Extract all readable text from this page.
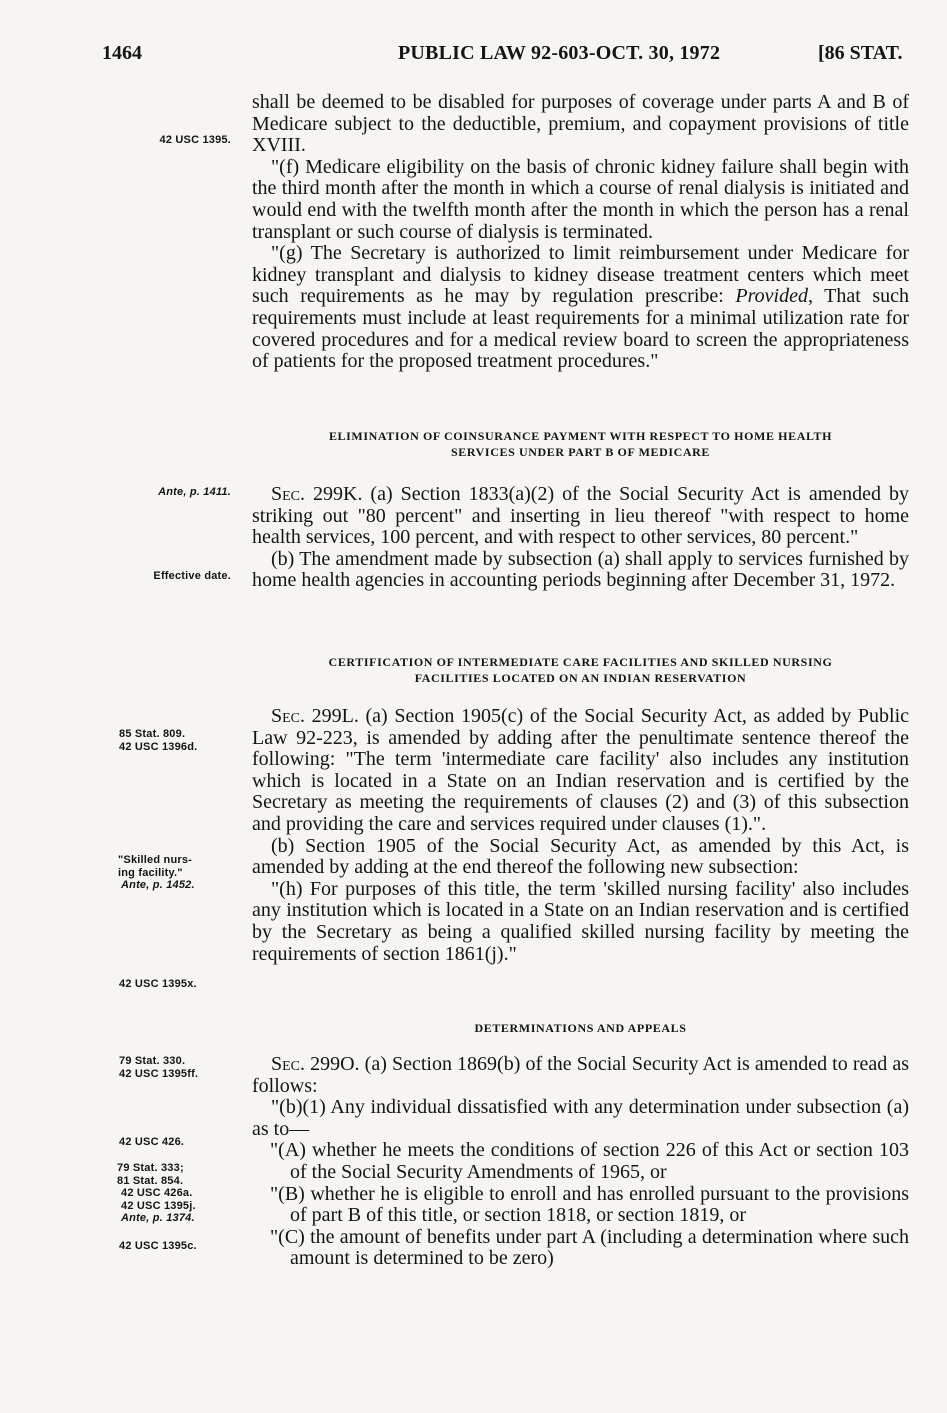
1464	PUBLIC LAW 92-603-OCT. 30, 1972	[86 STAT.
42 USC 1395.
Ante, p. 1411.
Effective date.
85 Stat. 809.
42 USC 1396d.
"Skilled nurs-
ing facility."
Ante, p. 1452.
42 USC 1395x.
79 Stat. 330.
42 USC 1395ff.
42 USC 426.
79 Stat. 333;
81 Stat. 854.
42 USC 426a.
42 USC 1395j.
Ante, p. 1374.
42 USC 1395c.

shall be deemed to be disabled for purposes of coverage under parts A and B of Medicare subject to the deductible, premium, and copayment provisions of title XVIII.

"(f) Medicare eligibility on the basis of chronic kidney failure shall begin with the third month after the month in which a course of renal dialysis is initiated and would end with the twelfth month after the month in which the person has a renal transplant or such course of dialysis is terminated.

"(g) The Secretary is authorized to limit reimbursement under Medicare for kidney transplant and dialysis to kidney disease treatment centers which meet such requirements as he may by regulation prescribe: Provided, That such requirements must include at least requirements for a minimal utilization rate for covered procedures and for a medical review board to screen the appropriateness of patients for the proposed treatment procedures."

ELIMINATION OF COINSURANCE PAYMENT WITH RESPECT TO HOME HEALTH
SERVICES UNDER PART B OF MEDICARE

Sec. 299K. (a) Section 1833(a)(2) of the Social Security Act is amended by striking out "80 percent" and inserting in lieu thereof "with respect to home health services, 100 percent, and with respect to other services, 80 percent."

(b) The amendment made by subsection (a) shall apply to services furnished by home health agencies in accounting periods beginning after December 31, 1972.

CERTIFICATION OF INTERMEDIATE CARE FACILITIES AND SKILLED NURSING
FACILITIES LOCATED ON AN INDIAN RESERVATION

Sec. 299L. (a) Section 1905(c) of the Social Security Act, as added by Public Law 92-223, is amended by adding after the penultimate sentence thereof the following: "The term 'intermediate care facility' also includes any institution which is located in a State on an Indian reservation and is certified by the Secretary as meeting the requirements of clauses (2) and (3) of this subsection and providing the care and services required under clauses (1).".

(b) Section 1905 of the Social Security Act, as amended by this Act, is amended by adding at the end thereof the following new subsection:

"(h) For purposes of this title, the term 'skilled nursing facility' also includes any institution which is located in a State on an Indian reservation and is certified by the Secretary as being a qualified skilled nursing facility by meeting the requirements of section 1861(j)."

DETERMINATIONS AND APPEALS

Sec. 299O. (a) Section 1869(b) of the Social Security Act is amended to read as follows:

"(b)(1) Any individual dissatisfied with any determination under subsection (a) as to—

"(A) whether he meets the conditions of section 226 of this Act or section 103 of the Social Security Amendments of 1965, or

"(B) whether he is eligible to enroll and has enrolled pursuant to the provisions of part B of this title, or section 1818, or section 1819, or

"(C) the amount of benefits under part A (including a determination where such amount is determined to be zero)
